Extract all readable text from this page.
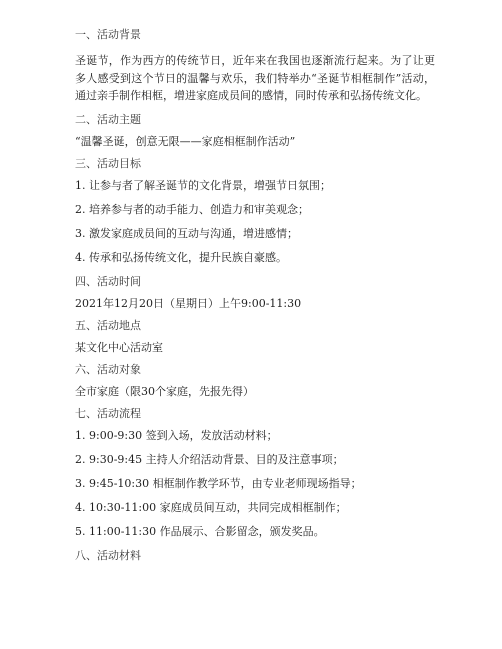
一、活动背景
圣诞节，作为西方的传统节日，近年来在我国也逐渐流行起来。为了让更多人感受到这个节日的温馨与欢乐，我们特举办“圣诞节相框制作”活动，通过亲手制作相框，增进家庭成员间的感情，同时传承和弘扬传统文化。
二、活动主题
“温馨圣诞，创意无限——家庭相框制作活动”
三、活动目标
1. 让参与者了解圣诞节的文化背景，增强节日氛围；
2. 培养参与者的动手能力、创造力和审美观念；
3. 激发家庭成员间的互动与沟通，增进感情；
4. 传承和弘扬传统文化，提升民族自豪感。
四、活动时间
2021年12月20日（星期日）上午9:00-11:30
五、活动地点
某文化中心活动室
六、活动对象
全市家庭（限30个家庭，先报先得）
七、活动流程
1. 9:00-9:30 签到入场，发放活动材料；
2. 9:30-9:45 主持人介绍活动背景、目的及注意事项；
3. 9:45-10:30 相框制作教学环节，由专业老师现场指导；
4. 10:30-11:00 家庭成员间互动，共同完成相框制作；
5. 11:00-11:30 作品展示、合影留念，颁发奖品。
八、活动材料
